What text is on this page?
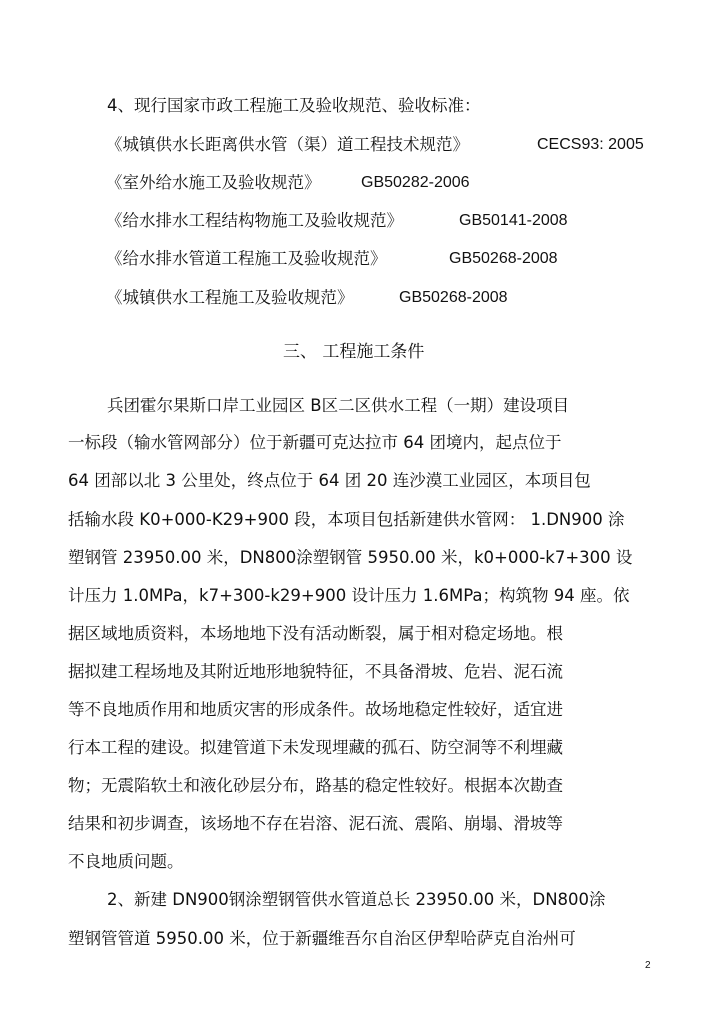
4、现行国家市政工程施工及验收规范、验收标准：
《城镇供水长距离供水管（渠）道工程技术规范》	CECS93: 2005
《室外给水施工及验收规范》	GB50282-2006
《给水排水工程结构物施工及验收规范》	GB50141-2008
《给水排水管道工程施工及验收规范》	GB50268-2008
《城镇供水工程施工及验收规范》	GB50268-2008
三、 工程施工条件
兵团霍尔果斯口岸工业园区 B区二区供水工程（一期）建设项目
一标段（输水管网部分）位于新疆可克达拉市 64 团境内，起点位于
64 团部以北 3 公里处，终点位于 64 团 20 连沙漠工业园区，本项目包
括输水段 K0+000-K29+900 段，本项目包括新建供水管网： 1.DN900 涂
塑钢管 23950.00 米，DN800涂塑钢管 5950.00 米，k0+000-k7+300 设
计压力 1.0MPa，k7+300-k29+900 设计压力 1.6MPa；构筑物 94 座。依
据区域地质资料，本场地地下没有活动断裂，属于相对稳定场地。根
据拟建工程场地及其附近地形地貌特征，不具备滑坡、危岩、泥石流
等不良地质作用和地质灾害的形成条件。故场地稳定性较好，适宜进
行本工程的建设。拟建管道下未发现埋藏的孤石、防空洞等不利埋藏
物；无震陷软土和液化砂层分布，路基的稳定性较好。根据本次勘查
结果和初步调查，该场地不存在岩溶、泥石流、震陷、崩塌、滑坡等
不良地质问题。
2、新建 DN900钢涂塑钢管供水管道总长 23950.00 米，DN800涂
塑钢管管道 5950.00 米，位于新疆维吾尔自治区伊犁哈萨克自治州可
2
